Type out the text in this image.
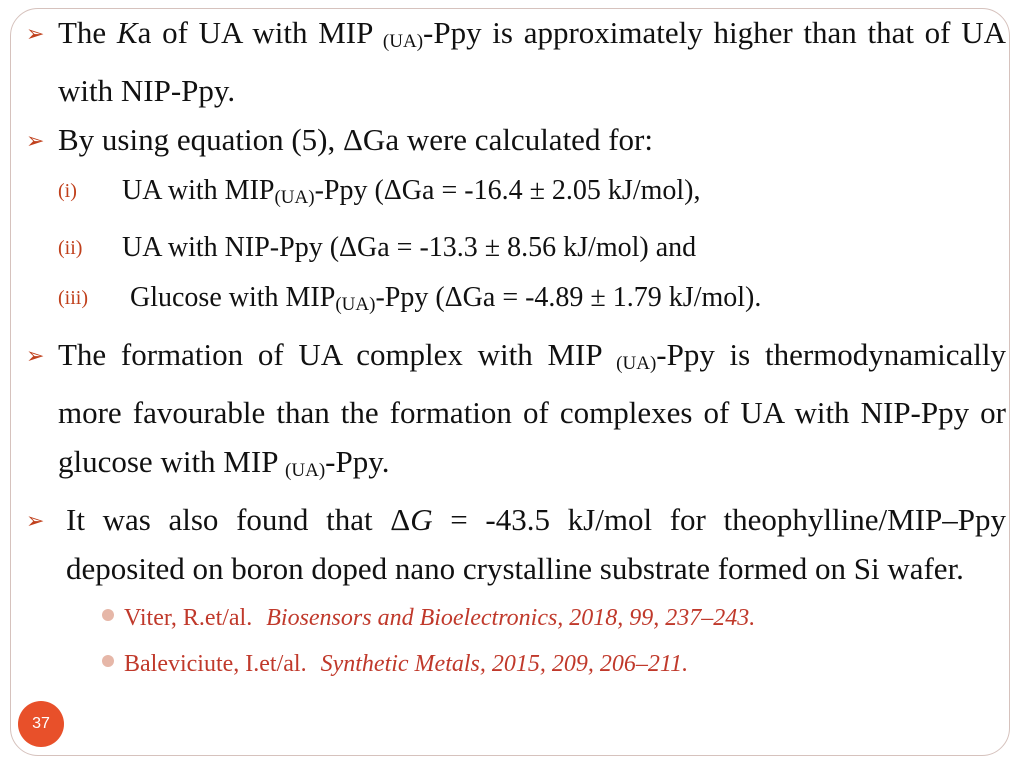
➢ The Ka of UA with MIP $_{(UA)}$-Ppy is approximately higher than that of UA with NIP-Ppy.
➢ By using equation (5), ΔGa were calculated for:
(i)	UA with $MIP_{(UA)}$-Ppy (ΔGa = -16.4 ± 2.05 kJ/mol),
(ii)	UA with NIP-Ppy (ΔGa = -13.3 ± 8.56 kJ/mol) and
(iii)	Glucose with $MIP_{(UA)}$-Ppy (ΔGa = -4.89 ± 1.79 kJ/mol).
➢ The formation of UA complex with MIP $_{(UA)}$-Ppy is thermodynamically more favourable than the formation of complexes of UA with NIP-Ppy or glucose with MIP $_{(UA)}$-Ppy.
➢ It was also found that ΔG = -43.5 kJ/mol for theophylline/MIP–Ppy deposited on boron doped nano crystalline substrate formed on Si wafer.
Viter, R.et/al. Biosensors and Bioelectronics, 2018, 99, 237–243.
Baleviciute, I.et/al. Synthetic Metals, 2015, 209, 206–211.
37
